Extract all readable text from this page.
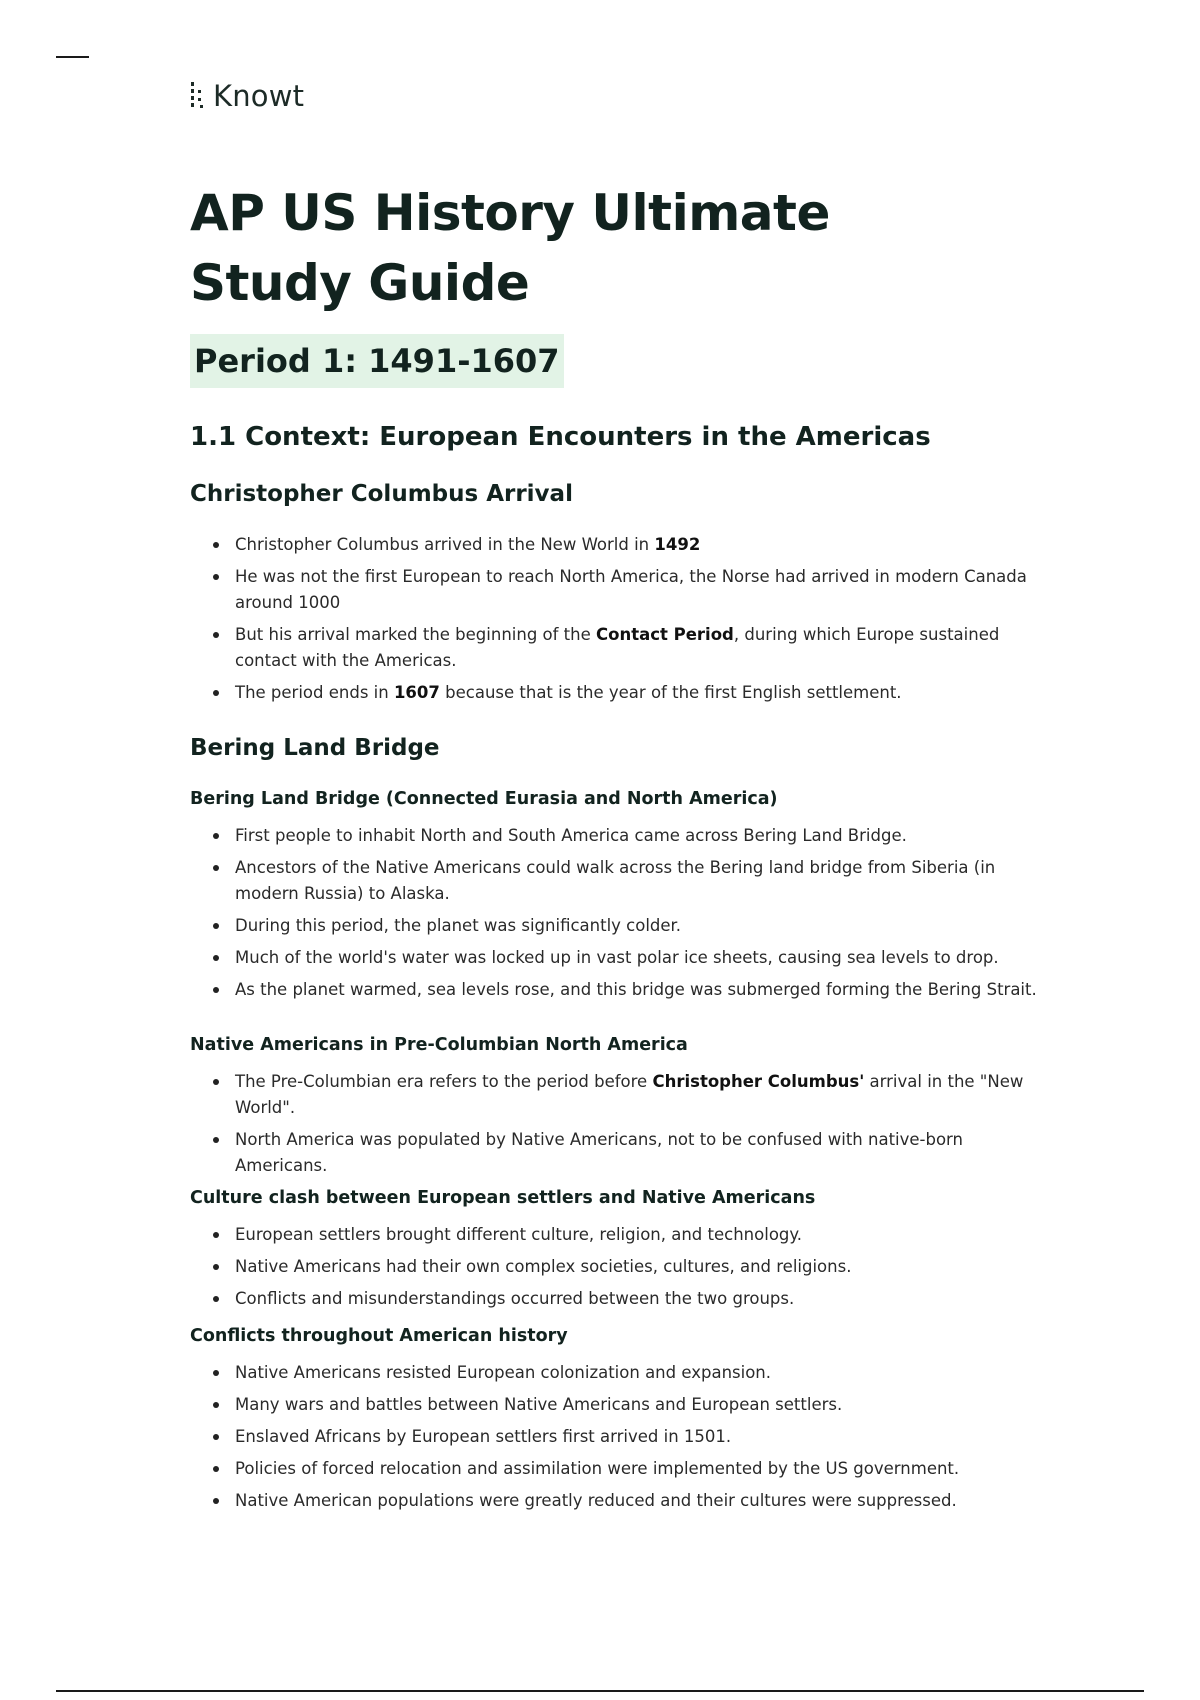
Knowt
AP US History Ultimate Study Guide
Period 1: 1491-1607
1.1 Context: European Encounters in the Americas
Christopher Columbus Arrival
Christopher Columbus arrived in the New World in 1492
He was not the first European to reach North America, the Norse had arrived in modern Canada around 1000
But his arrival marked the beginning of the Contact Period, during which Europe sustained contact with the Americas.
The period ends in 1607 because that is the year of the first English settlement.
Bering Land Bridge
Bering Land Bridge (Connected Eurasia and North America)
First people to inhabit North and South America came across Bering Land Bridge.
Ancestors of the Native Americans could walk across the Bering land bridge from Siberia (in modern Russia) to Alaska.
During this period, the planet was significantly colder.
Much of the world's water was locked up in vast polar ice sheets, causing sea levels to drop.
As the planet warmed, sea levels rose, and this bridge was submerged forming the Bering Strait.
Native Americans in Pre-Columbian North America
The Pre-Columbian era refers to the period before Christopher Columbus' arrival in the "New World".
North America was populated by Native Americans, not to be confused with native-born Americans.
Culture clash between European settlers and Native Americans
European settlers brought different culture, religion, and technology.
Native Americans had their own complex societies, cultures, and religions.
Conflicts and misunderstandings occurred between the two groups.
Conflicts throughout American history
Native Americans resisted European colonization and expansion.
Many wars and battles between Native Americans and European settlers.
Enslaved Africans by European settlers first arrived in 1501.
Policies of forced relocation and assimilation were implemented by the US government.
Native American populations were greatly reduced and their cultures were suppressed.
